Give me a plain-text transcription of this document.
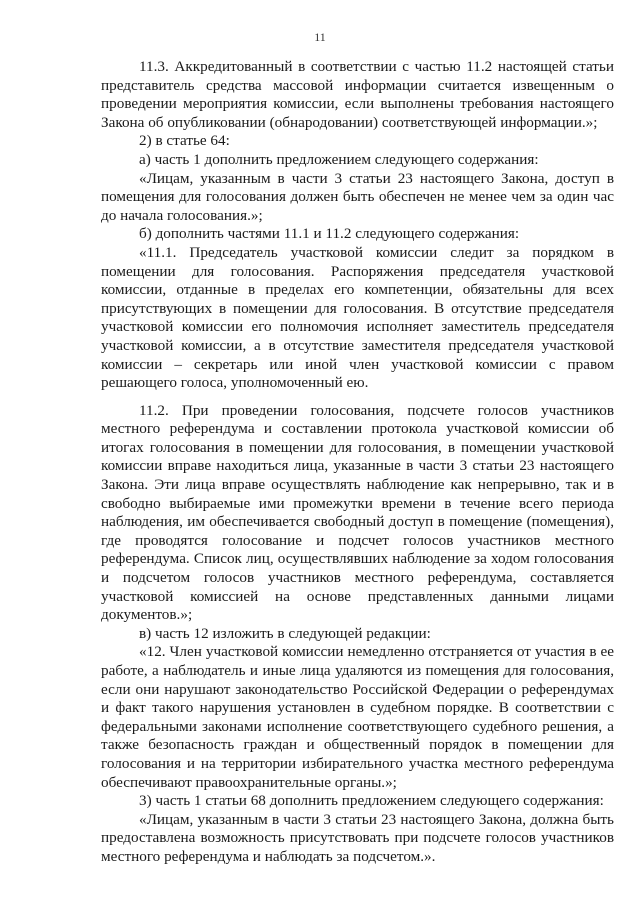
11

11.3. Аккредитованный в соответствии с частью 11.2 настоящей статьи представитель средства массовой информации считается извещенным о проведении мероприятия комиссии, если выполнены требования настоящего Закона об опубликовании (обнародовании) соответствующей информации.»;

2) в статье 64:

а) часть 1 дополнить предложением следующего содержания:

«Лицам, указанным в части 3 статьи 23 настоящего Закона, доступ в помещения для голосования должен быть обеспечен не менее чем за один час до начала голосования.»;

б) дополнить частями 11.1 и 11.2 следующего содержания:

«11.1. Председатель участковой комиссии следит за порядком в помещении для голосования. Распоряжения председателя участковой комиссии, отданные в пределах его компетенции, обязательны для всех присутствующих в помещении для голосования. В отсутствие председателя участковой комиссии его полномочия исполняет заместитель председателя участковой комиссии, а в отсутствие заместителя председателя участковой комиссии – секретарь или иной член участковой комиссии с правом решающего голоса, уполномоченный ею.

11.2. При проведении голосования, подсчете голосов участников местного референдума и составлении протокола участковой комиссии об итогах голосования в помещении для голосования, в помещении участковой комиссии вправе находиться лица, указанные в части 3 статьи 23 настоящего Закона. Эти лица вправе осуществлять наблюдение как непрерывно, так и в свободно выбираемые ими промежутки времени в течение всего периода наблюдения, им обеспечивается свободный доступ в помещение (помещения), где проводятся голосование и подсчет голосов участников местного референдума. Список лиц, осуществлявших наблюдение за ходом голосования и подсчетом голосов участников местного референдума, составляется участковой комиссией на основе представленных данными лицами документов.»;

в) часть 12 изложить в следующей редакции:

«12. Член участковой комиссии немедленно отстраняется от участия в ее работе, а наблюдатель и иные лица удаляются из помещения для голосования, если они нарушают законодательство Российской Федерации о референдумах и факт такого нарушения установлен в судебном порядке. В соответствии с федеральными законами исполнение соответствующего судебного решения, а также безопасность граждан и общественный порядок в помещении для голосования и на территории избирательного участка местного референдума обеспечивают правоохранительные органы.»;

3) часть 1 статьи 68 дополнить предложением следующего содержания:

«Лицам, указанным в части 3 статьи 23 настоящего Закона, должна быть предоставлена возможность присутствовать при подсчете голосов участников местного референдума и наблюдать за подсчетом.».
